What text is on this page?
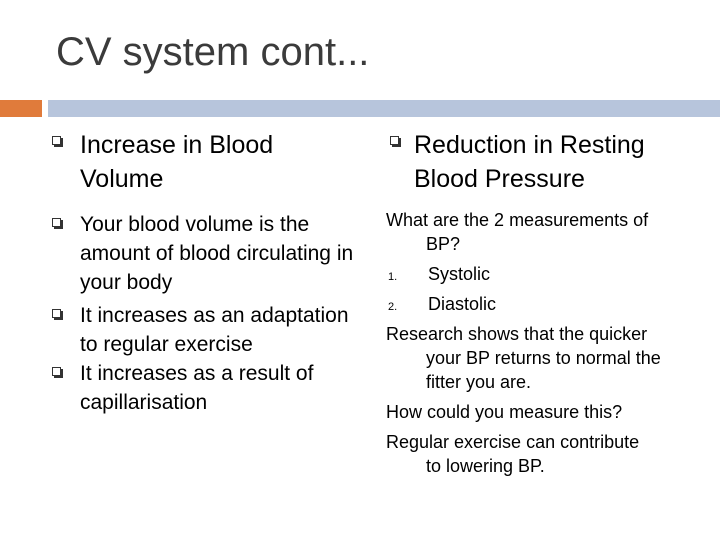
CV system cont...
Increase in Blood Volume
Your blood volume is the amount of blood circulating in your body
It increases as an adaptation to regular exercise
It increases as a result of capillarisation
Reduction in Resting Blood Pressure
What are the 2 measurements of
BP?
1. Systolic
2. Diastolic
Research shows that the quicker
your BP returns to normal the fitter you are.
How could you measure this?
Regular exercise can contribute
to lowering BP.
